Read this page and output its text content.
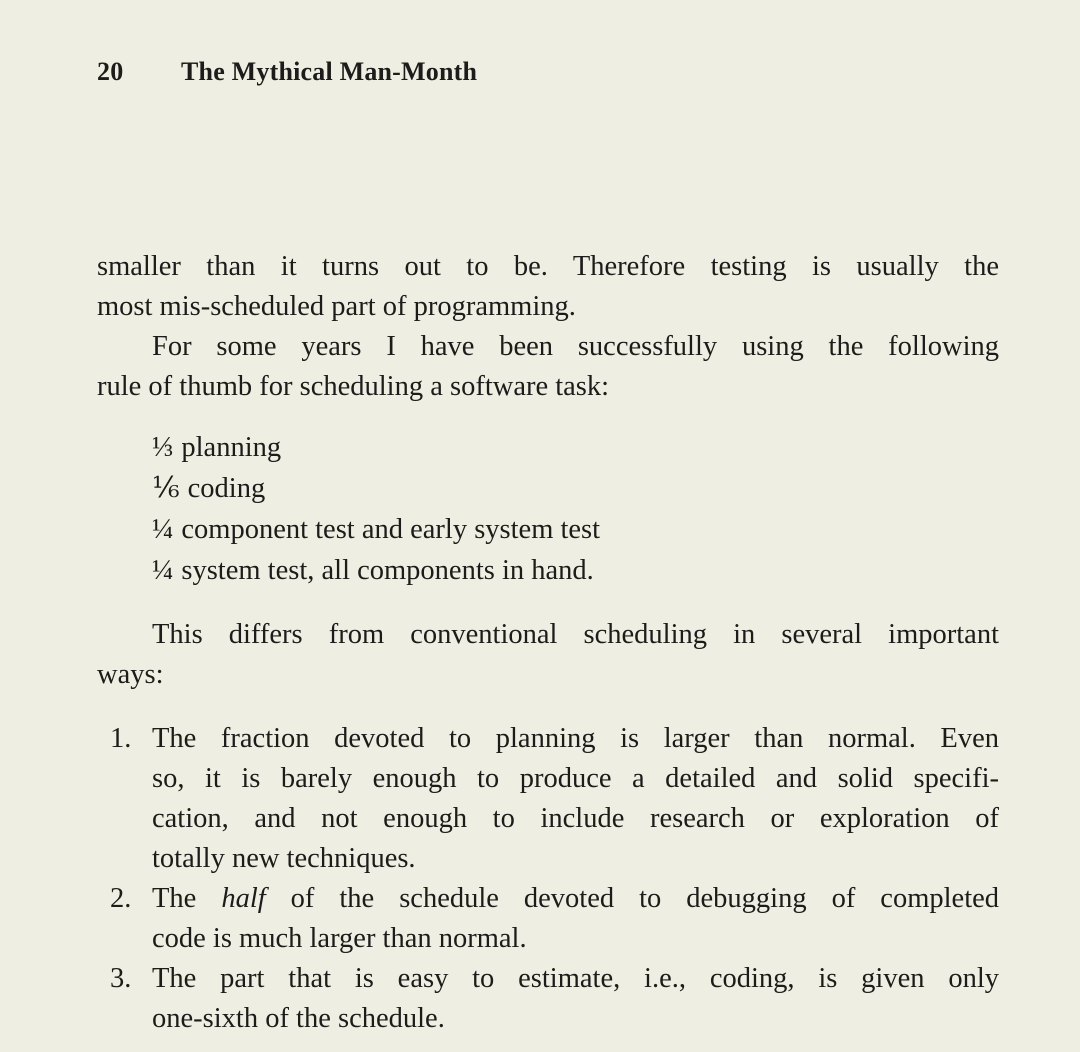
20 The Mythical Man-Month

smaller than it turns out to be. Therefore testing is usually the
most mis-scheduled part of programming.

For some years I have been successfully using the following
rule of thumb for scheduling a software task:

⅓ planning
⅙ coding
¼ component test and early system test
¼ system test, all components in hand.

This differs from conventional scheduling in several important
ways:

1. The fraction devoted to planning is larger than normal. Even
so, it is barely enough to produce a detailed and solid specifi-
cation, and not enough to include research or exploration of
totally new techniques.
2. The half of the schedule devoted to debugging of completed
code is much larger than normal.
3. The part that is easy to estimate, i.e., coding, is given only
one-sixth of the schedule.
